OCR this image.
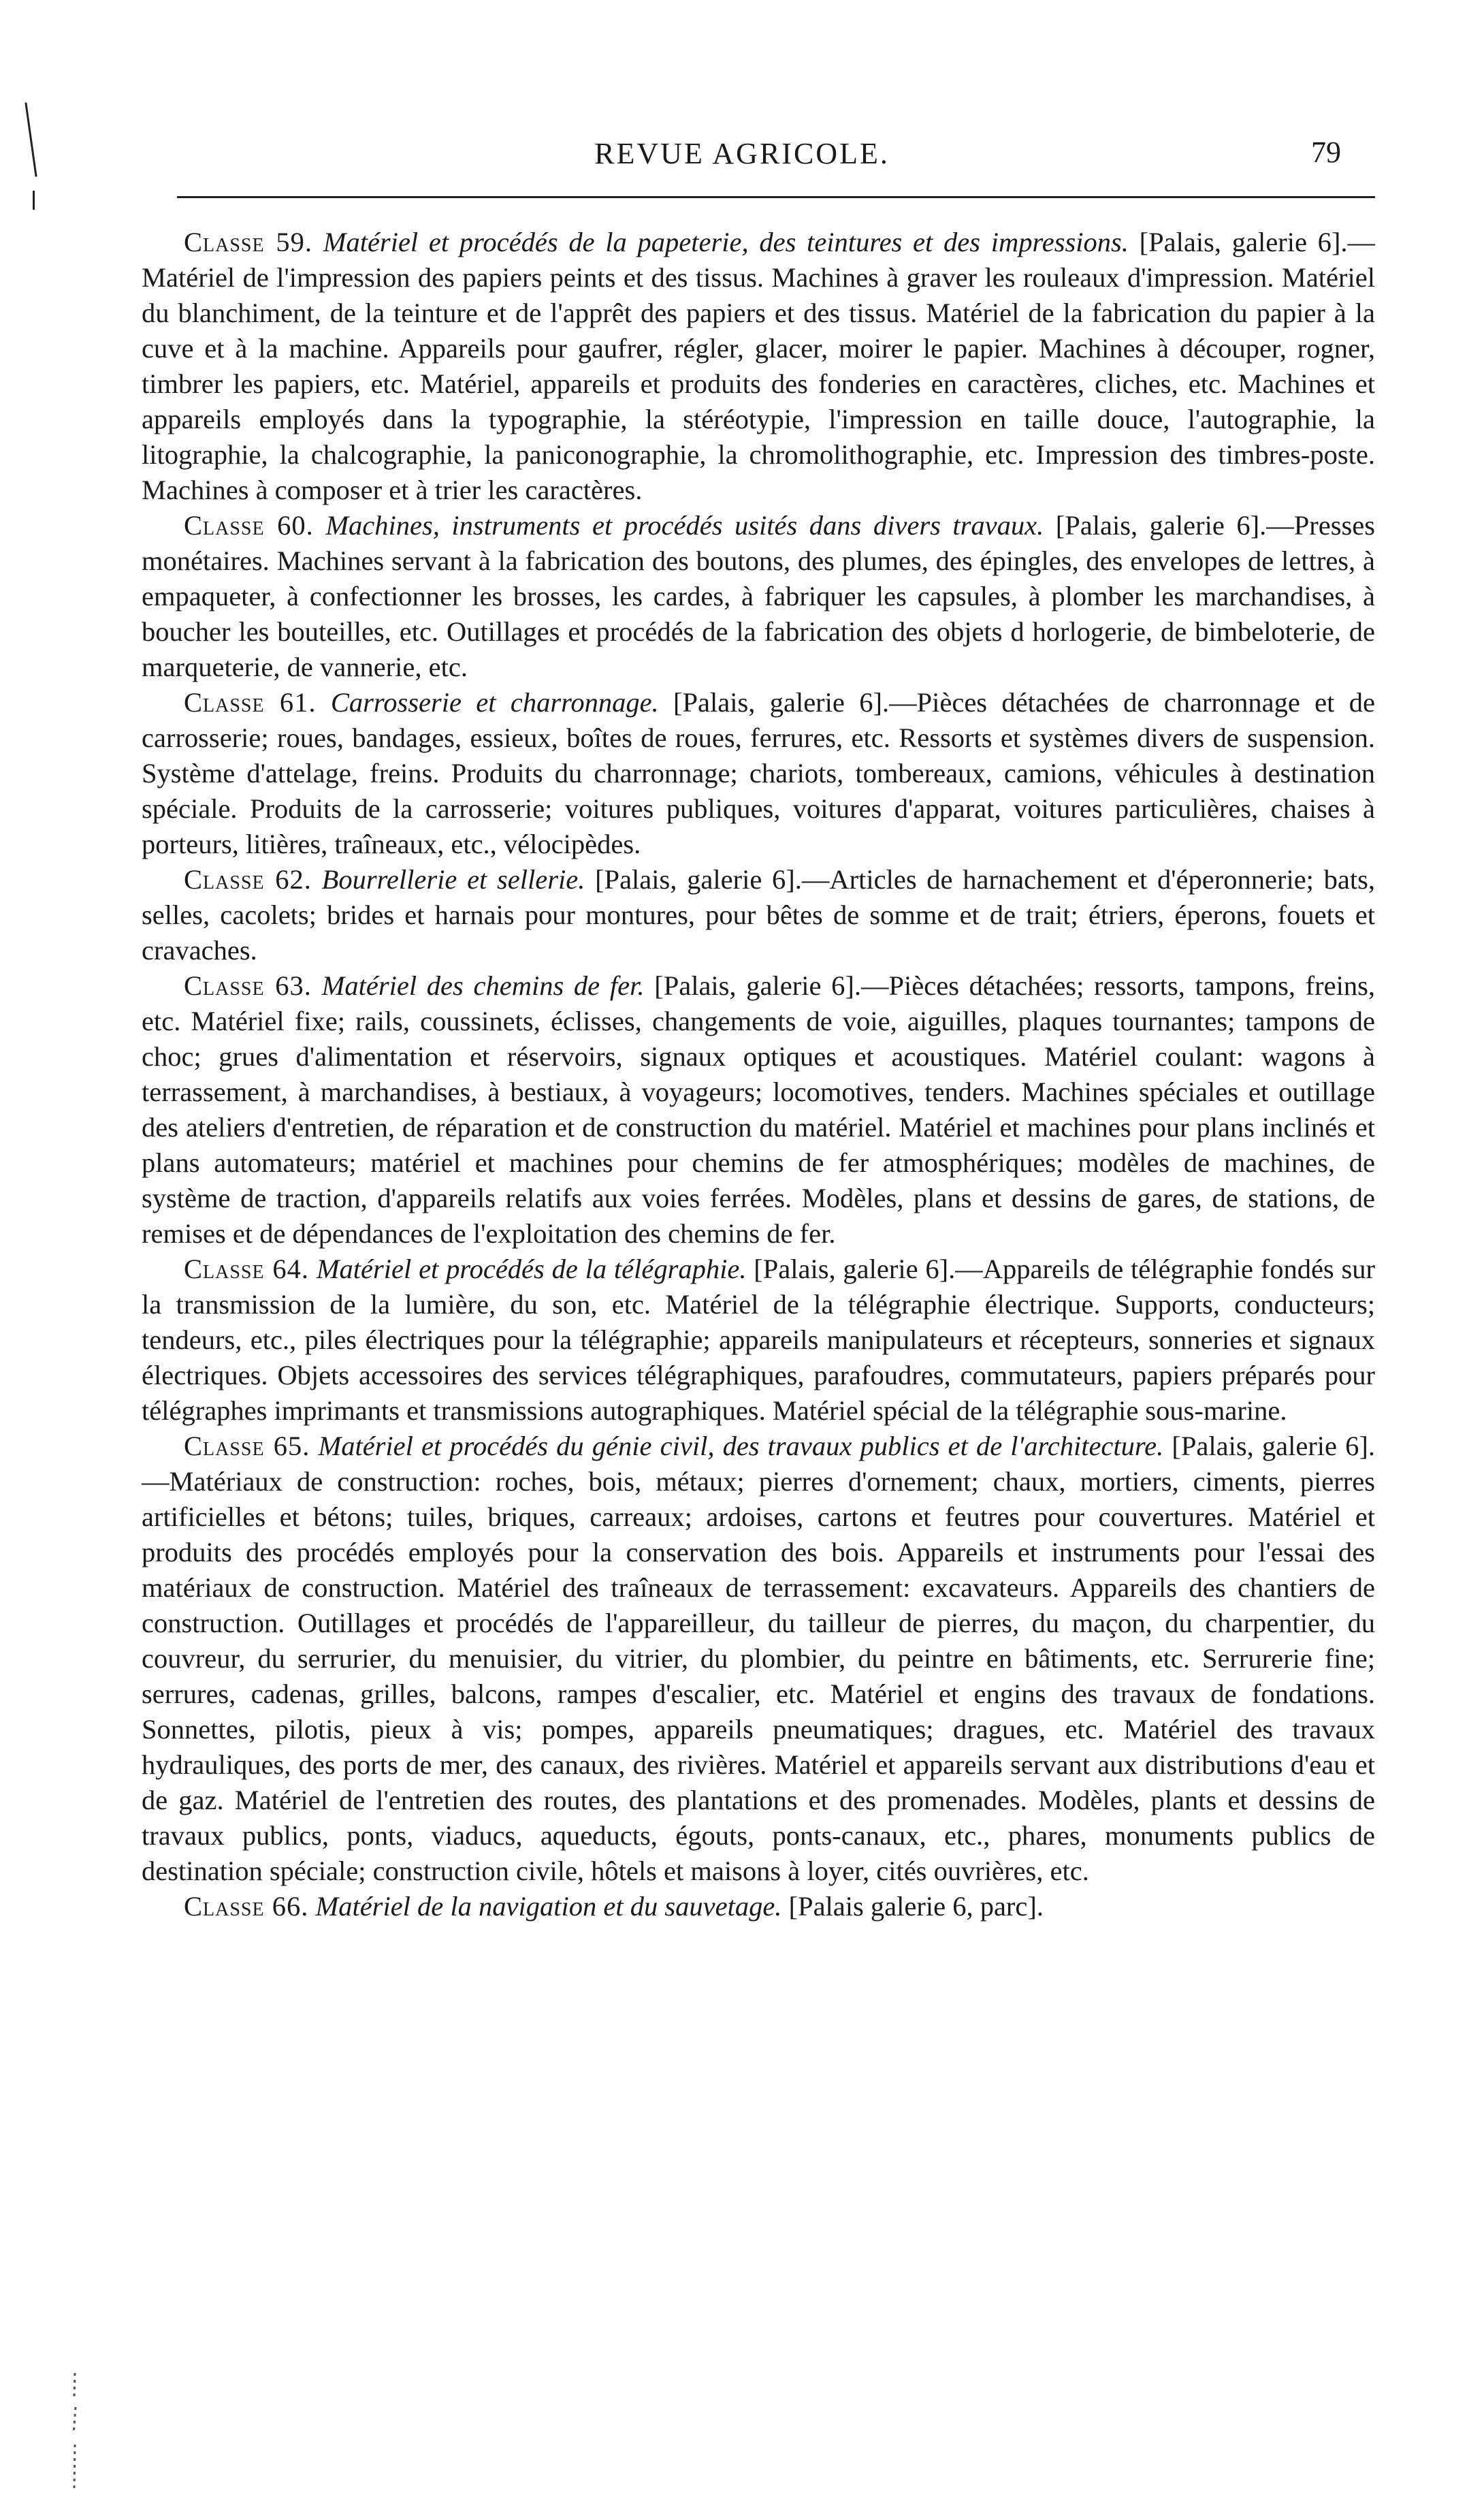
REVUE AGRICOLE.	79

Classe 59. Matériel et procédés de la papeterie, des teintures et des impressions. [Palais, galerie 6].—Matériel de l'impression des papiers peints et des tissus. Machines à graver les rouleaux d'impression. Matériel du blanchiment, de la teinture et de l'apprêt des papiers et des tissus. Matériel de la fabrication du papier à la cuve et à la machine. Appareils pour gaufrer, régler, glacer, moirer le papier. Machines à découper, rogner, timbrer les papiers, etc. Matériel, appareils et produits des fonderies en caractères, cliches, etc. Machines et appareils employés dans la typographie, la stéréotypie, l'impression en taille douce, l'autographie, la litographie, la chalcographie, la paniconographie, la chromolithographie, etc. Impression des timbres-poste. Machines à composer et à trier les caractères.

Classe 60. Machines, instruments et procédés usités dans divers travaux. [Palais, galerie 6].—Presses monétaires. Machines servant à la fabrication des boutons, des plumes, des épingles, des envelopes de lettres, à empaqueter, à confectionner les brosses, les cardes, à fabriquer les capsules, à plomber les marchandises, à boucher les bouteilles, etc. Outillages et procédés de la fabrication des objets d horlogerie, de bimbeloterie, de marqueterie, de vannerie, etc.

Classe 61. Carrosserie et charronnage. [Palais, galerie 6].—Pièces détachées de charronnage et de carrosserie; roues, bandages, essieux, boîtes de roues, ferrures, etc. Ressorts et systèmes divers de suspension. Système d'attelage, freins. Produits du charronnage; chariots, tombereaux, camions, véhicules à destination spéciale. Produits de la carrosserie; voitures publiques, voitures d'apparat, voitures particulières, chaises à porteurs, litières, traîneaux, etc., vélocipèdes.

Classe 62. Bourrellerie et sellerie. [Palais, galerie 6].—Articles de harnachement et d'éperonnerie; bats, selles, cacolets; brides et harnais pour montures, pour bêtes de somme et de trait; étriers, éperons, fouets et cravaches.

Classe 63. Matériel des chemins de fer. [Palais, galerie 6].—Pièces détachées; ressorts, tampons, freins, etc. Matériel fixe; rails, coussinets, éclisses, changements de voie, aiguilles, plaques tournantes; tampons de choc; grues d'alimentation et réservoirs, signaux optiques et acoustiques. Matériel coulant: wagons à terrassement, à marchandises, à bestiaux, à voyageurs; locomotives, tenders. Machines spéciales et outillage des ateliers d'entretien, de réparation et de construction du matériel. Matériel et machines pour plans inclinés et plans automateurs; matériel et machines pour chemins de fer atmosphériques; modèles de machines, de système de traction, d'appareils relatifs aux voies ferrées. Modèles, plans et dessins de gares, de stations, de remises et de dépendances de l'exploitation des chemins de fer.

Classe 64. Matériel et procédés de la télégraphie. [Palais, galerie 6].—Appareils de télégraphie fondés sur la transmission de la lumière, du son, etc. Matériel de la télégraphie électrique. Supports, conducteurs; tendeurs, etc., piles électriques pour la télégraphie; appareils manipulateurs et récepteurs, sonneries et signaux électriques. Objets accessoires des services télégraphiques, parafoudres, commutateurs, papiers préparés pour télégraphes imprimants et transmissions autographiques. Matériel spécial de la télégraphie sous-marine.

Classe 65. Matériel et procédés du génie civil, des travaux publics et de l'architecture. [Palais, galerie 6].—Matériaux de construction: roches, bois, métaux; pierres d'ornement; chaux, mortiers, ciments, pierres artificielles et bétons; tuiles, briques, carreaux; ardoises, cartons et feutres pour couvertures. Matériel et produits des procédés employés pour la conservation des bois. Appareils et instruments pour l'essai des matériaux de construction. Matériel des traîneaux de terrassement: excavateurs. Appareils des chantiers de construction. Outillages et procédés de l'appareilleur, du tailleur de pierres, du maçon, du charpentier, du couvreur, du serrurier, du menuisier, du vitrier, du plombier, du peintre en bâtiments, etc. Serrurerie fine; serrures, cadenas, grilles, balcons, rampes d'escalier, etc. Matériel et engins des travaux de fondations. Sonnettes, pilotis, pieux à vis; pompes, appareils pneumatiques; dragues, etc. Matériel des travaux hydrauliques, des ports de mer, des canaux, des rivières. Matériel et appareils servant aux distributions d'eau et de gaz. Matériel de l'entretien des routes, des plantations et des promenades. Modèles, plants et dessins de travaux publics, ponts, viaducs, aqueducts, égouts, ponts-canaux, etc., phares, monuments publics de destination spéciale; construction civile, hôtels et maisons à loyer, cités ouvrières, etc.

Classe 66. Matériel de la navigation et du sauvetage. [Palais galerie 6, parc].
